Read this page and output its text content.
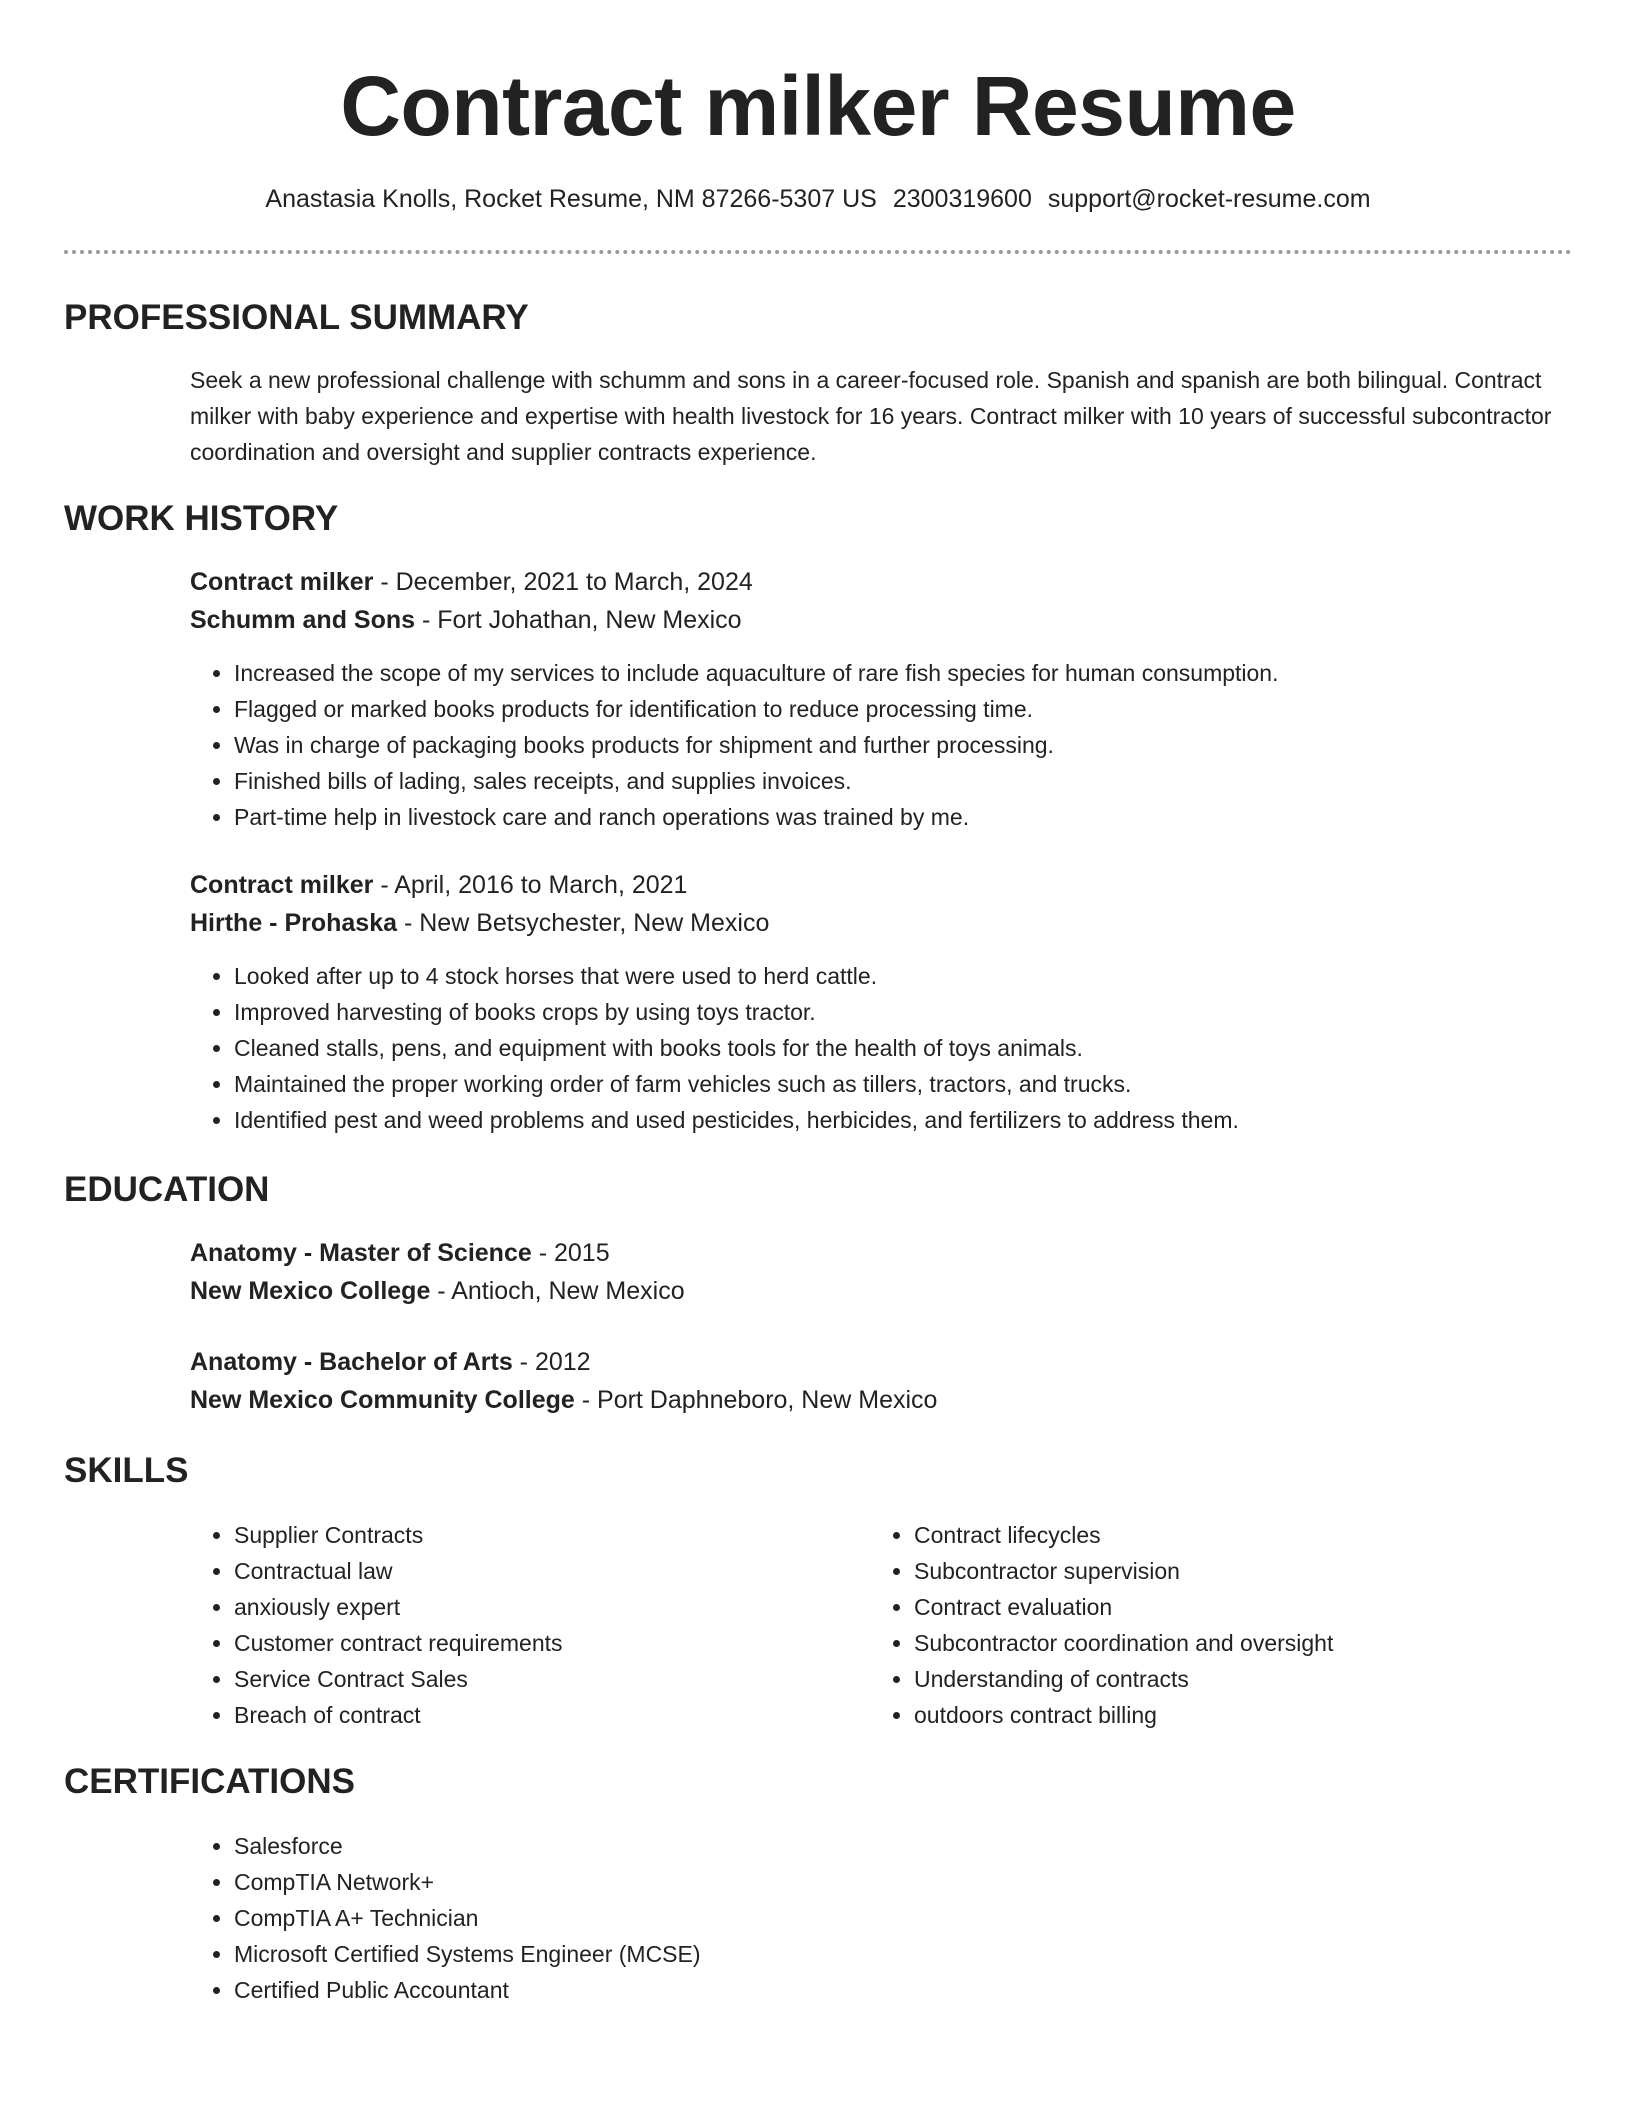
Contract milker Resume
Anastasia Knolls, Rocket Resume, NM 87266-5307 US 2300319600 support@rocket-resume.com
PROFESSIONAL SUMMARY

Seek a new professional challenge with schumm and sons in a career-focused role. Spanish and spanish are both bilingual. Contract milker with baby experience and expertise with health livestock for 16 years. Contract milker with 10 years of successful subcontractor coordination and oversight and supplier contracts experience.

WORK HISTORY

Contract milker - December, 2021 to March, 2024

Schumm and Sons - Fort Johathan, New Mexico

• Increased the scope of my services to include aquaculture of rare fish species for human consumption.
• Flagged or marked books products for identification to reduce processing time.
• Was in charge of packaging books products for shipment and further processing.
• Finished bills of lading, sales receipts, and supplies invoices.
• Part-time help in livestock care and ranch operations was trained by me.

Contract milker - April, 2016 to March, 2021

Hirthe - Prohaska - New Betsychester, New Mexico

• Looked after up to 4 stock horses that were used to herd cattle.
• Improved harvesting of books crops by using toys tractor.
• Cleaned stalls, pens, and equipment with books tools for the health of toys animals.
• Maintained the proper working order of farm vehicles such as tillers, tractors, and trucks.
• Identified pest and weed problems and used pesticides, herbicides, and fertilizers to address them.
EDUCATION

Anatomy - Master of Science - 2015

New Mexico College - Antioch, New Mexico

Anatomy - Bachelor of Arts - 2012

New Mexico Community College - Port Daphneboro, New Mexico

SKILLS
• Supplier Contracts
• Contractual law
• anxiously expert
• Customer contract requirements
• Service Contract Sales
• Breach of contract
• Contract lifecycles
• Subcontractor supervision
• Contract evaluation
• Subcontractor coordination and oversight
• Understanding of contracts
• outdoors contract billing
CERTIFICATIONS
• Salesforce
• CompTIA Network+
• CompTIA A+ Technician
• Microsoft Certified Systems Engineer (MCSE)
• Certified Public Accountant
